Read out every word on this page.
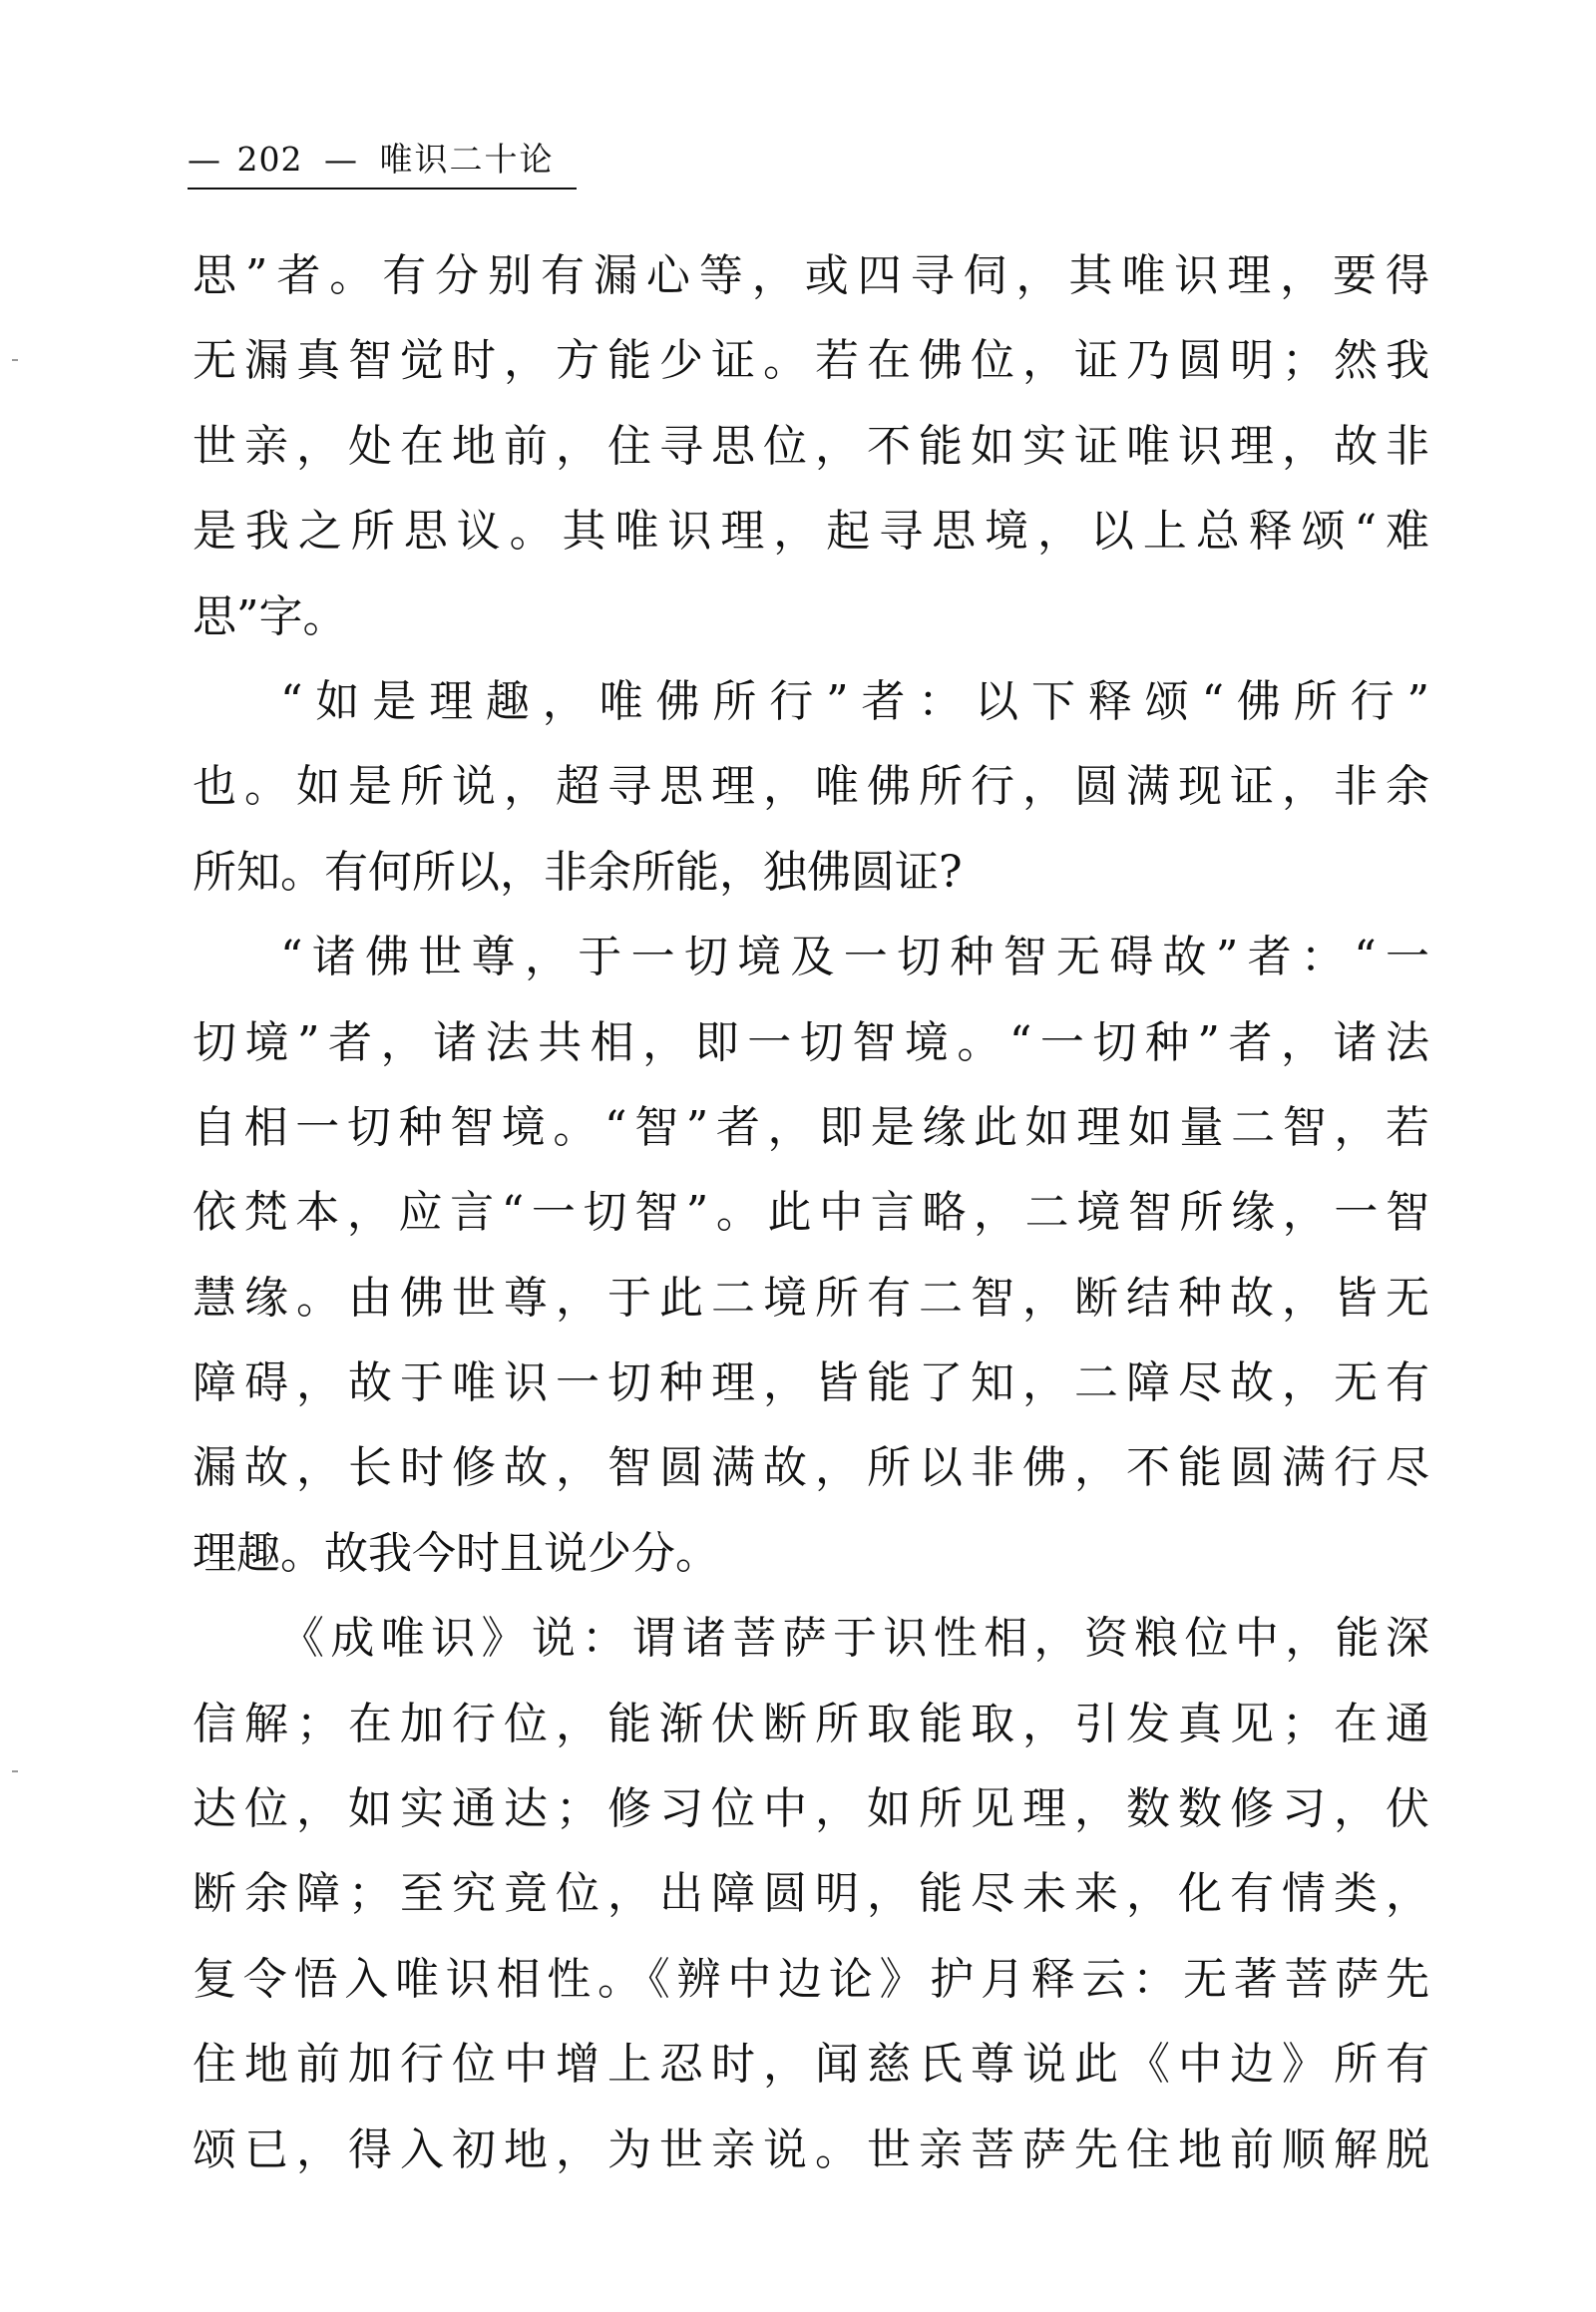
— 202 — 唯识二十论
思”者。有分别有漏心等，或四寻伺，其唯识理，要得
无漏真智觉时，方能少证。若在佛位，证乃圆明；然我
世亲，处在地前，住寻思位，不能如实证唯识理，故非
是我之所思议。其唯识理，起寻思境，以上总释颂“难
思”字。
“如是理趣，唯佛所行”者：以下释颂“佛所行”
也。如是所说，超寻思理，唯佛所行，圆满现证，非余
所知。有何所以，非余所能，独佛圆证?
“诸佛世尊，于一切境及一切种智无碍故”者：“一
切境”者，诸法共相，即一切智境。“一切种”者，诸法
自相一切种智境。“智”者，即是缘此如理如量二智，若
依梵本，应言“一切智”。此中言略，二境智所缘，一智
慧缘。由佛世尊，于此二境所有二智，断结种故，皆无
障碍，故于唯识一切种理，皆能了知，二障尽故，无有
漏故，长时修故，智圆满故，所以非佛，不能圆满行尽
理趣。故我今时且说少分。
《成唯识》说：谓诸菩萨于识性相，资粮位中，能深
信解；在加行位，能渐伏断所取能取，引发真见；在通
达位，如实通达；修习位中，如所见理，数数修习，伏
断余障；至究竟位，出障圆明，能尽未来，化有情类，
复令悟入唯识相性。《辨中边论》护月释云：无著菩萨先
住地前加行位中增上忍时，闻慈氏尊说此《中边》所有
颂已，得入初地，为世亲说。世亲菩萨先住地前顺解脱
